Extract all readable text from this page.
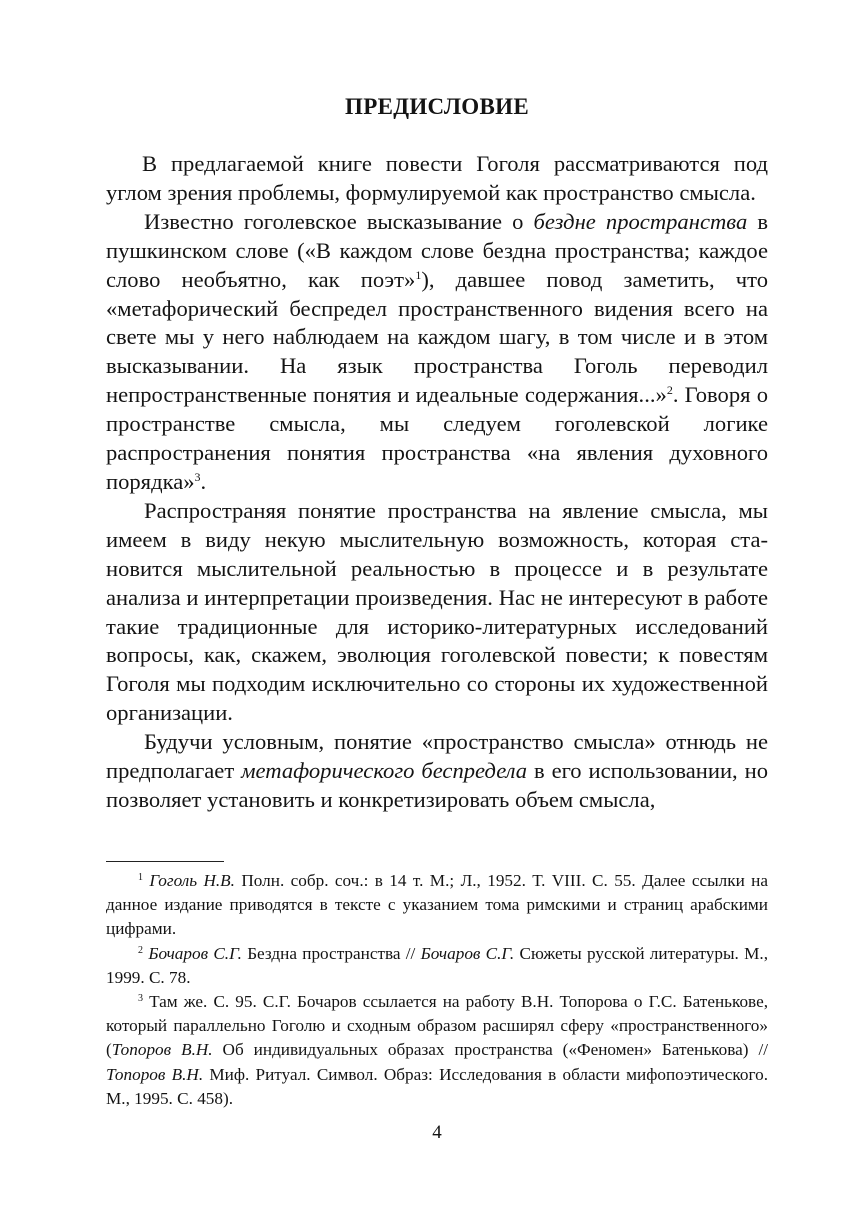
ПРЕДИСЛОВИЕ

В предлагаемой книге повести Гоголя рассматриваются под углом зрения проблемы, формулируемой как пространство смысла.

Известно гоголевское высказывание о бездне пространства в пушкинском слове («В каждом слове бездна пространства; каждое слово необъятно, как поэт»$^1$), давшее повод заметить, что «метафорический беспредел пространственного видения всего на свете мы у него наблюдаем на каждом шагу, в том числе и в этом высказывании. На язык пространства Гоголь переводил непространственные понятия и идеальные содержания...»$^2$. Говоря о пространстве смысла, мы следуем гоголевской логике распространения понятия пространства «на явления духовного порядка»$^3$.

Распространяя понятие пространства на явление смысла, мы имеем в виду некую мыслительную возможность, которая становится мыслительной реальностью в процессе и в результате анализа и интерпретации произведения. Нас не интересуют в работе такие традиционные для историко-литературных исследований вопросы, как, скажем, эволюция гоголевской повести; к повестям Гоголя мы подходим исключительно со стороны их художественной организации.

Будучи условным, понятие «пространство смысла» отнюдь не предполагает метафорического беспредела в его использовании, но позволяет установить и конкретизировать объем смысла,

$^1$ Гоголь Н.В. Полн. собр. соч.: в 14 т. М.; Л., 1952. Т. VIII. С. 55. Далее ссылки на данное издание приводятся в тексте с указанием тома римскими и страниц арабскими цифрами.

$^2$ Бочаров С.Г. Бездна пространства // Бочаров С.Г. Сюжеты русской литературы. М., 1999. С. 78.

$^3$ Там же. С. 95. С.Г. Бочаров ссылается на работу В.Н. Топорова о Г.С. Батенькове, который параллельно Гоголю и сходным образом расширял сферу «пространственного» (Топоров В.Н. Об индивидуальных образах пространства («Феномен» Батенькова) // Топоров В.Н. Миф. Ритуал. Символ. Образ: Исследования в области мифопоэтического. М., 1995. С. 458).

4
